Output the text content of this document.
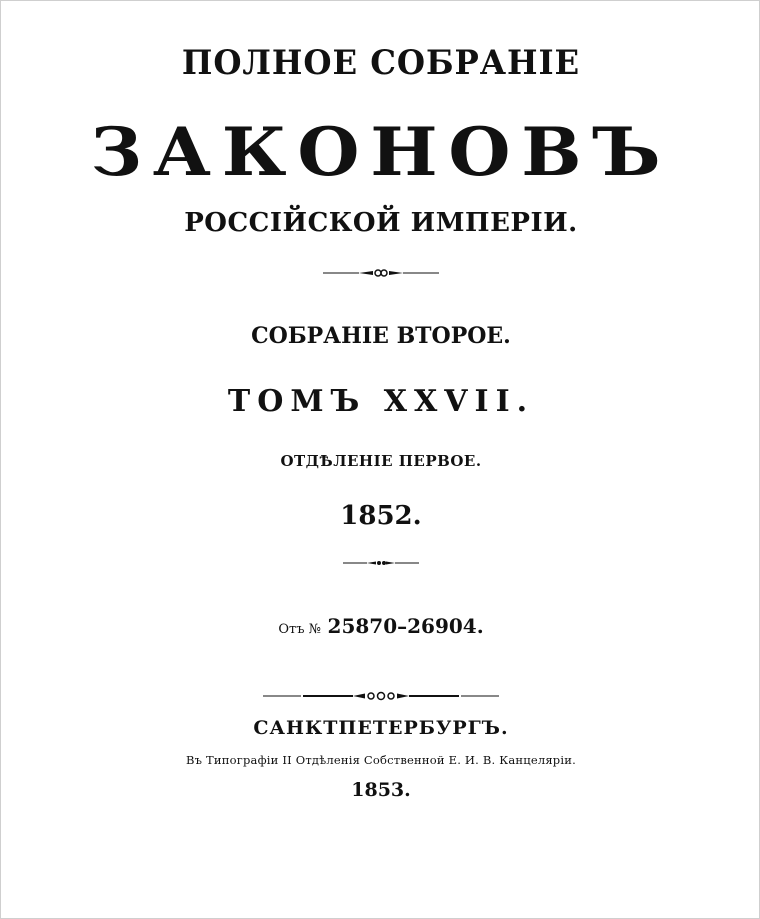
ПОЛНОЕ СОБРАНІЕ
ЗАКОНОВЪ
РОССІЙСКОЙ ИМПЕРІИ.
СОБРАНІЕ ВТОРОЕ.
ТОМЪ XXVII.
ОТДѢЛЕНІЕ ПЕРВОЕ.
1852.
Отъ № 25870–26904.
САНКТПЕТЕРБУРГЪ.
Въ Типографіи II Отдѣленія Собственной Е. И. В. Канцеляріи.
1853.
